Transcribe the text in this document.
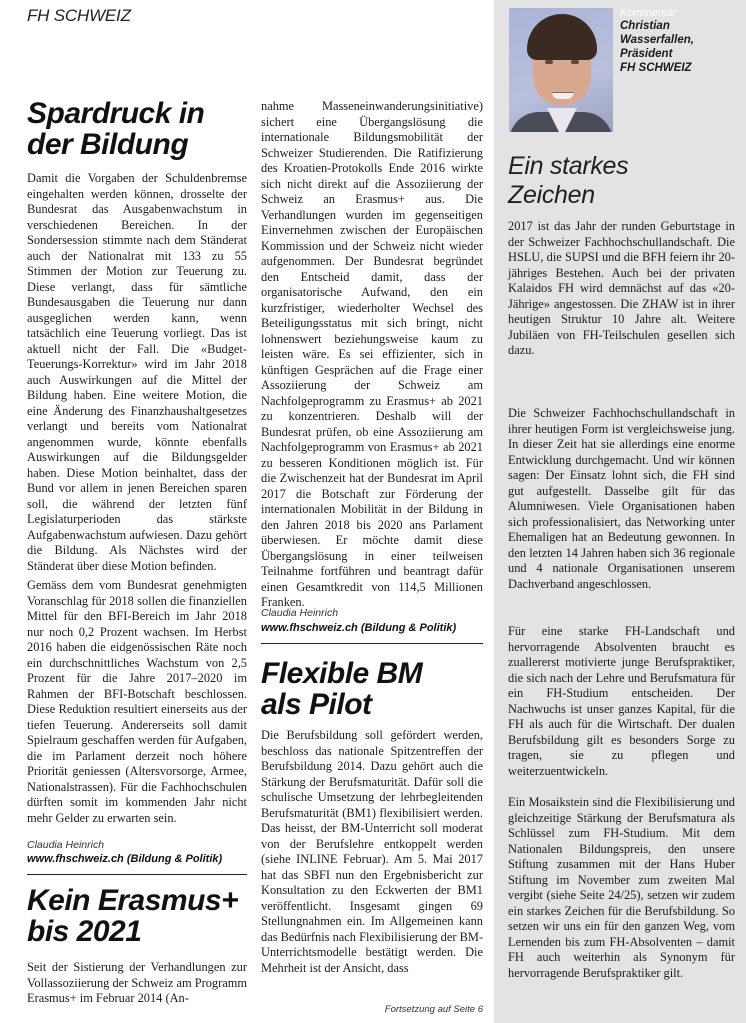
FH SCHWEIZ
Spardruck in
der Bildung

Damit die Vorgaben der Schuldenbremse eingehalten werden können, drosselte der Bundesrat das Ausgabenwachstum in verschiedenen Bereichen. In der Sondersession stimmte nach dem Ständerat auch der Nationalrat mit 133 zu 55 Stimmen der Motion zur Teuerung zu. Diese verlangt, dass für sämtliche Bundesausgaben die Teuerung nur dann ausgeglichen werden kann, wenn tatsächlich eine Teuerung vorliegt. Das ist aktuell nicht der Fall. Die «Budget-Teuerungs-Korrektur» wird im Jahr 2018 auch Auswirkungen auf die Mittel der Bildung haben. Eine weitere Motion, die eine Änderung des Finanzhaushaltgesetzes verlangt und bereits vom Nationalrat angenommen wurde, könnte ebenfalls Auswirkungen auf die Bildungsgelder haben. Diese Motion beinhaltet, dass der Bund vor allem in jenen Bereichen sparen soll, die während der letzten fünf Legislaturperioden das stärkste Aufgabenwachstum aufwiesen. Dazu gehört die Bildung. Als Nächstes wird der Ständerat über diese Motion befinden.

Gemäss dem vom Bundesrat genehmigten Voranschlag für 2018 sollen die finanziellen Mittel für den BFI-Bereich im Jahr 2018 nur noch 0,2 Prozent wachsen. Im Herbst 2016 haben die eidgenössischen Räte noch ein durchschnittliches Wachstum von 2,5 Prozent für die Jahre 2017–2020 im Rahmen der BFI-Botschaft beschlossen. Diese Reduktion resultiert einerseits aus der tiefen Teuerung. Andererseits soll damit Spielraum geschaffen werden für Aufgaben, die im Parlament derzeit noch höhere Priorität geniessen (Altersvorsorge, Armee, Nationalstrassen). Für die Fachhochschulen dürften somit im kommenden Jahr nicht mehr Gelder zu erwarten sein.

Claudia Heinrich

www.fhschweiz.ch (Bildung & Politik)
Kein Erasmus+
bis 2021

Seit der Sistierung der Verhandlungen zur Vollassoziierung der Schweiz am Programm Erasmus+ im Februar 2014 (An-

nahme Masseneinwanderungsinitiative) sichert eine Übergangslösung die internationale Bildungsmobilität der Schweizer Studierenden. Die Ratifizierung des Kroatien-Protokolls Ende 2016 wirkte sich nicht direkt auf die Assoziierung der Schweiz an Erasmus+ aus. Die Verhandlungen wurden im gegenseitigen Einvernehmen zwischen der Europäischen Kommission und der Schweiz nicht wieder aufgenommen. Der Bundesrat begründet den Entscheid damit, dass der organisatorische Aufwand, den ein kurzfristiger, wiederholter Wechsel des Beteiligungsstatus mit sich bringt, nicht lohnenswert beziehungsweise kaum zu leisten wäre. Es sei effizienter, sich in künftigen Gesprächen auf die Frage einer Assoziierung der Schweiz am Nachfolgeprogramm zu Erasmus+ ab 2021 zu konzentrieren. Deshalb will der Bundesrat prüfen, ob eine Assoziierung am Nachfolgeprogramm von Erasmus+ ab 2021 zu besseren Konditionen möglich ist. Für die Zwischenzeit hat der Bundesrat im April 2017 die Botschaft zur Förderung der internationalen Mobilität in der Bildung in den Jahren 2018 bis 2020 ans Parlament überwiesen. Er möchte damit diese Übergangslösung in einer teilweisen Teilnahme fortführen und beantragt dafür einen Gesamtkredit von 114,5 Millionen Franken.

Claudia Heinrich

www.fhschweiz.ch (Bildung & Politik)
Flexible BM
als Pilot

Die Berufsbildung soll gefördert werden, beschloss das nationale Spitzentreffen der Berufsbildung 2014. Dazu gehört auch die Stärkung der Berufsmaturität. Dafür soll die schulische Umsetzung der lehrbegleitenden Berufsmaturität (BM1) flexibilisiert werden. Das heisst, der BM-Unterricht soll moderat von der Berufslehre entkoppelt werden (siehe INLINE Februar). Am 5. Mai 2017 hat das SBFI nun den Ergebnisbericht zur Konsultation zu den Eckwerten der BM1 veröffentlicht. Insgesamt gingen 69 Stellungnahmen ein. Im Allgemeinen kann das Bedürfnis nach Flexibilisierung der BM-Unterrichtsmodelle bestätigt werden. Die Mehrheit ist der Ansicht, dass

Fortsetzung auf Seite 6

Kommentar
Christian
Wasserfallen,
Präsident
FH SCHWEIZ
Ein starkes
Zeichen

2017 ist das Jahr der runden Geburtstage in der Schweizer Fachhochschullandschaft. Die HSLU, die SUPSI und die BFH feiern ihr 20-jähriges Bestehen. Auch bei der privaten Kalaidos FH wird demnächst auf das «20-Jährige» angestossen. Die ZHAW ist in ihrer heutigen Struktur 10 Jahre alt. Weitere Jubiläen von FH-Teilschulen gesellen sich dazu.

Die Schweizer Fachhochschullandschaft in ihrer heutigen Form ist vergleichsweise jung. In dieser Zeit hat sie allerdings eine enorme Entwicklung durchgemacht. Und wir können sagen: Der Einsatz lohnt sich, die FH sind gut aufgestellt. Dasselbe gilt für das Alumniwesen. Viele Organisationen haben sich professionalisiert, das Networking unter Ehemaligen hat an Bedeutung gewonnen. In den letzten 14 Jahren haben sich 36 regionale und 4 nationale Organisationen unserem Dachverband angeschlossen.

Für eine starke FH-Landschaft und hervorragende Absolventen braucht es zuallererst motivierte junge Berufspraktiker, die sich nach der Lehre und Berufsmatura für ein FH-Studium entscheiden. Der Nachwuchs ist unser ganzes Kapital, für die FH als auch für die Wirtschaft. Der dualen Berufsbildung gilt es besonders Sorge zu tragen, sie zu pflegen und weiterzuentwickeln.

Ein Mosaikstein sind die Flexibilisierung und gleichzeitige Stärkung der Berufsmatura als Schlüssel zum FH-Studium. Mit dem Nationalen Bildungspreis, den unsere Stiftung zusammen mit der Hans Huber Stiftung im November zum zweiten Mal vergibt (siehe Seite 24/25), setzen wir zudem ein starkes Zeichen für die Berufsbildung. So setzen wir uns ein für den ganzen Weg, vom Lernenden bis zum FH-Absolventen – damit FH auch weiterhin als Synonym für hervorragende Berufspraktiker gilt.
